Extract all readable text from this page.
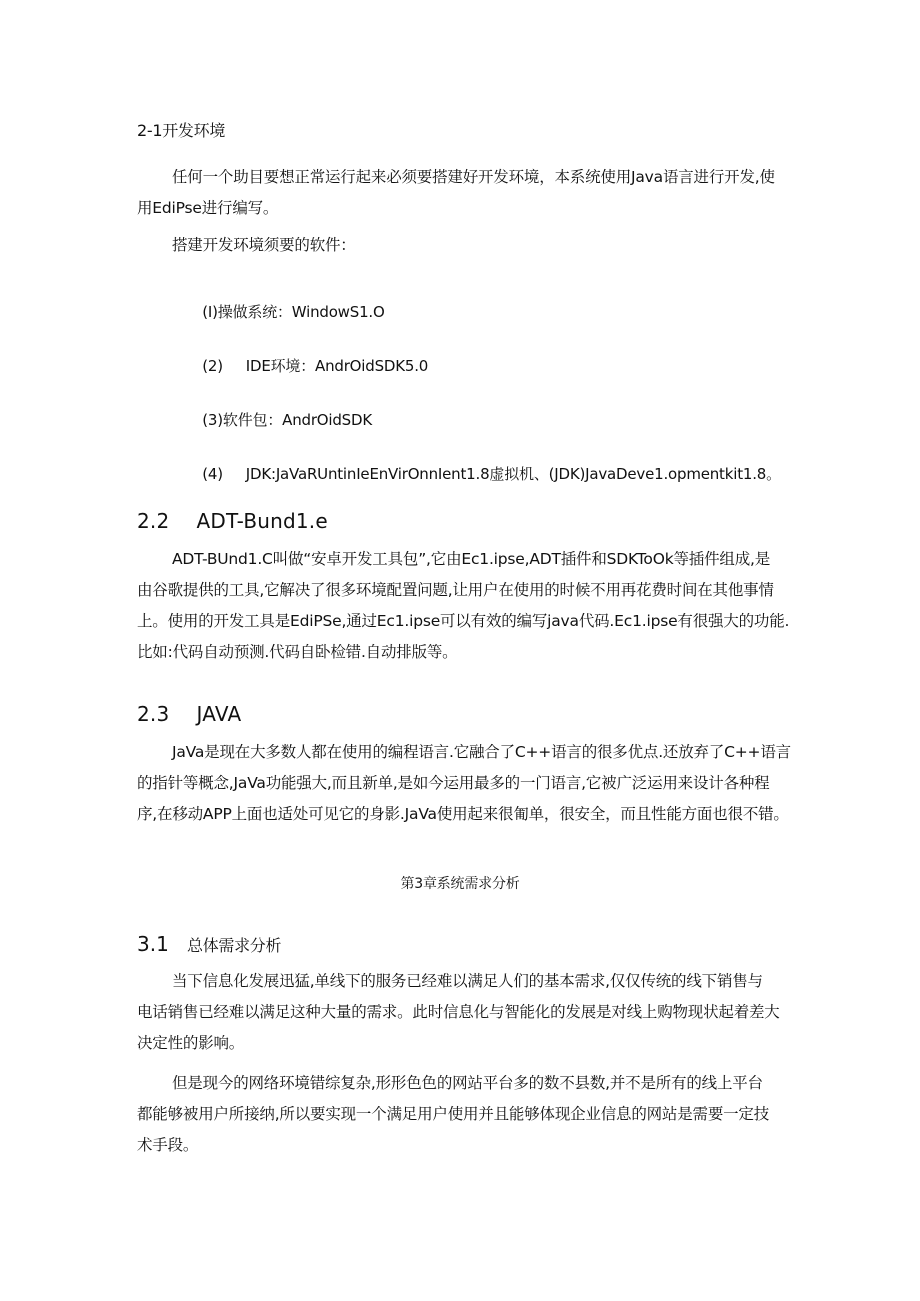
2-1开发环境
任何一个助目要想正常运行起来必须要搭建好开发环境，本系统使用Java语言进行开发,使
用EdiPse进行编写。
搭建开发环境须要的软件：

(I)操做系统：WindowS1.O

(2)     IDE环境：AndrOidSDK5.0

(3)软件包：AndrOidSDK

(4)     JDK:JaVaRUntinIeEnVirOnnIent1.8虚拟机、(JDK)JavaDeve1.opmentkit1.8。

2.2 ADT-Bund1.e
ADT-BUnd1.C叫做“安卓开发工具包”,它由Ec1.ipse,ADT插件和SDKToOk等插件组成,是
由谷歌提供的工具,它解决了很多环境配置问题,让用户在使用的时候不用再花费时间在其他事情
上。使用的开发工具是EdiPSe,通过Ec1.ipse可以有效的编写java代码.Ec1.ipse有很强大的功能.
比如:代码自动预测.代码自卧检错.自动排版等。
2.3 JAVA
JaVa是现在大多数人都在使用的编程语言.它融合了C++语言的很多优点.还放弃了C++语言
的指针等概念,JaVa功能强大,而且新单,是如今运用最多的一门语言,它被广泛运用来设计各种程
序,在移动APP上面也适处可见它的身影.JaVa使用起来很匍单，很安全，而且性能方面也很不错。
第3章系统需求分析
3.1 总体需求分析
当下信息化发展迅猛,单线下的服务已经难以满足人们的基本需求,仅仅传统的线下销售与
电话销售已经难以满足这种大量的需求。此时信息化与智能化的发展是对线上购物现状起着差大
决定性的影响。
但是现今的网络环境错综复杂,形形色色的网站平台多的数不县数,并不是所有的线上平台
都能够被用户所接纳,所以要实现一个满足用户使用并且能够体现企业信息的网站是需要一定技
术手段。
